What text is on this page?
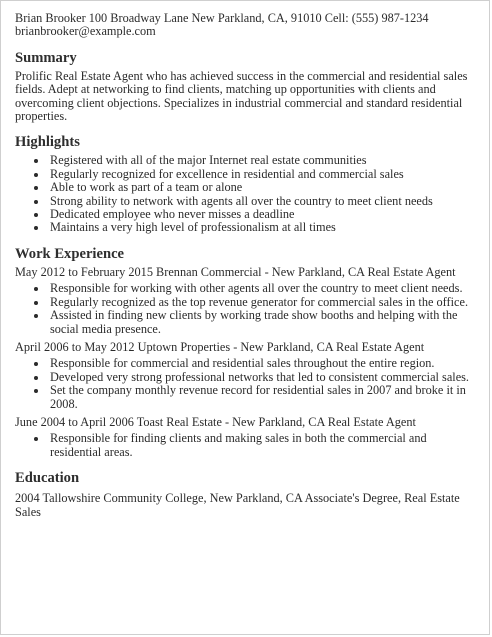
Brian Brooker 100 Broadway Lane New Parkland, CA, 91010 Cell: (555) 987-1234
brianbrooker@example.com
Summary

Prolific Real Estate Agent who has achieved success in the commercial and residential sales fields. Adept at networking to find clients, matching up opportunities with clients and overcoming client objections. Specializes in industrial commercial and standard residential properties.

Highlights
• Registered with all of the major Internet real estate communities
• Regularly recognized for excellence in residential and commercial sales
• Able to work as part of a team or alone
• Strong ability to network with agents all over the country to meet client needs
• Dedicated employee who never misses a deadline
• Maintains a very high level of professionalism at all times
Work Experience

May 2012 to February 2015 Brennan Commercial - New Parkland, CA Real Estate Agent

• Responsible for working with other agents all over the country to meet client needs.
• Regularly recognized as the top revenue generator for commercial sales in the office.
• Assisted in finding new clients by working trade show booths and helping with the social media presence.

April 2006 to May 2012 Uptown Properties - New Parkland, CA Real Estate Agent

• Responsible for commercial and residential sales throughout the entire region.
• Developed very strong professional networks that led to consistent commercial sales.
• Set the company monthly revenue record for residential sales in 2007 and broke it in 2008.

June 2004 to April 2006 Toast Real Estate - New Parkland, CA Real Estate Agent

• Responsible for finding clients and making sales in both the commercial and residential areas.
Education

2004 Tallowshire Community College, New Parkland, CA Associate's Degree, Real Estate Sales
